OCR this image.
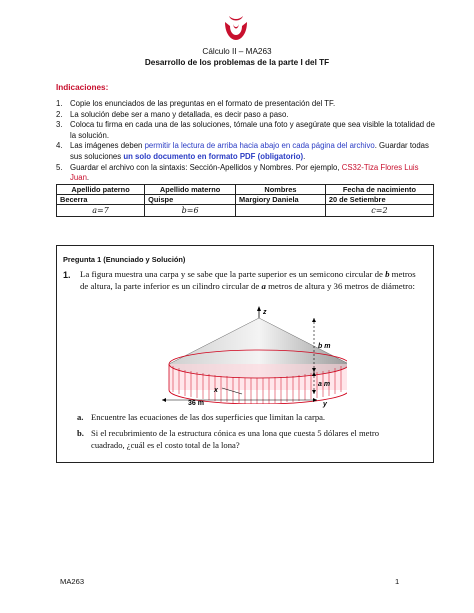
Cálculo II – MA263
Desarrollo de los problemas de la parte I del TF
Indicaciones:
1. Copie los enunciados de las preguntas en el formato de presentación del TF.
2. La solución debe ser a mano y detallada, es decir paso a paso.
3. Coloca tu firma en cada una de las soluciones, tómale una foto y asegúrate que sea visible la totalidad de la solución.
4. Las imágenes deben permitir la lectura de arriba hacia abajo en cada página del archivo. Guardar todas sus soluciones un solo documento en formato PDF (obligatorio).
5. Guardar el archivo con la sintaxis: Sección-Apellidos y Nombres. Por ejemplo, CS32-Tiza Flores Luis Juan.
Apellido paterno	Apellido materno	Nombres	Fecha de nacimiento
Becerra	Quispe	Margiory Daniela	20 de Setiembre
a=7	b=6		c=2
Pregunta 1 (Enunciado y Solución)
1. La figura muestra una carpa y se sabe que la parte superior es un semicono circular de b metros de altura, la parte inferior es un cilindro circular de a metros de altura y 36 metros de diámetro:
z
b m
a m
y
x
36 m
a. Encuentre las ecuaciones de las dos superficies que limitan la carpa.
b. Si el recubrimiento de la estructura cónica es una lona que cuesta 5 dólares el metro cuadrado, ¿cuál es el costo total de la lona?
MA263	1
